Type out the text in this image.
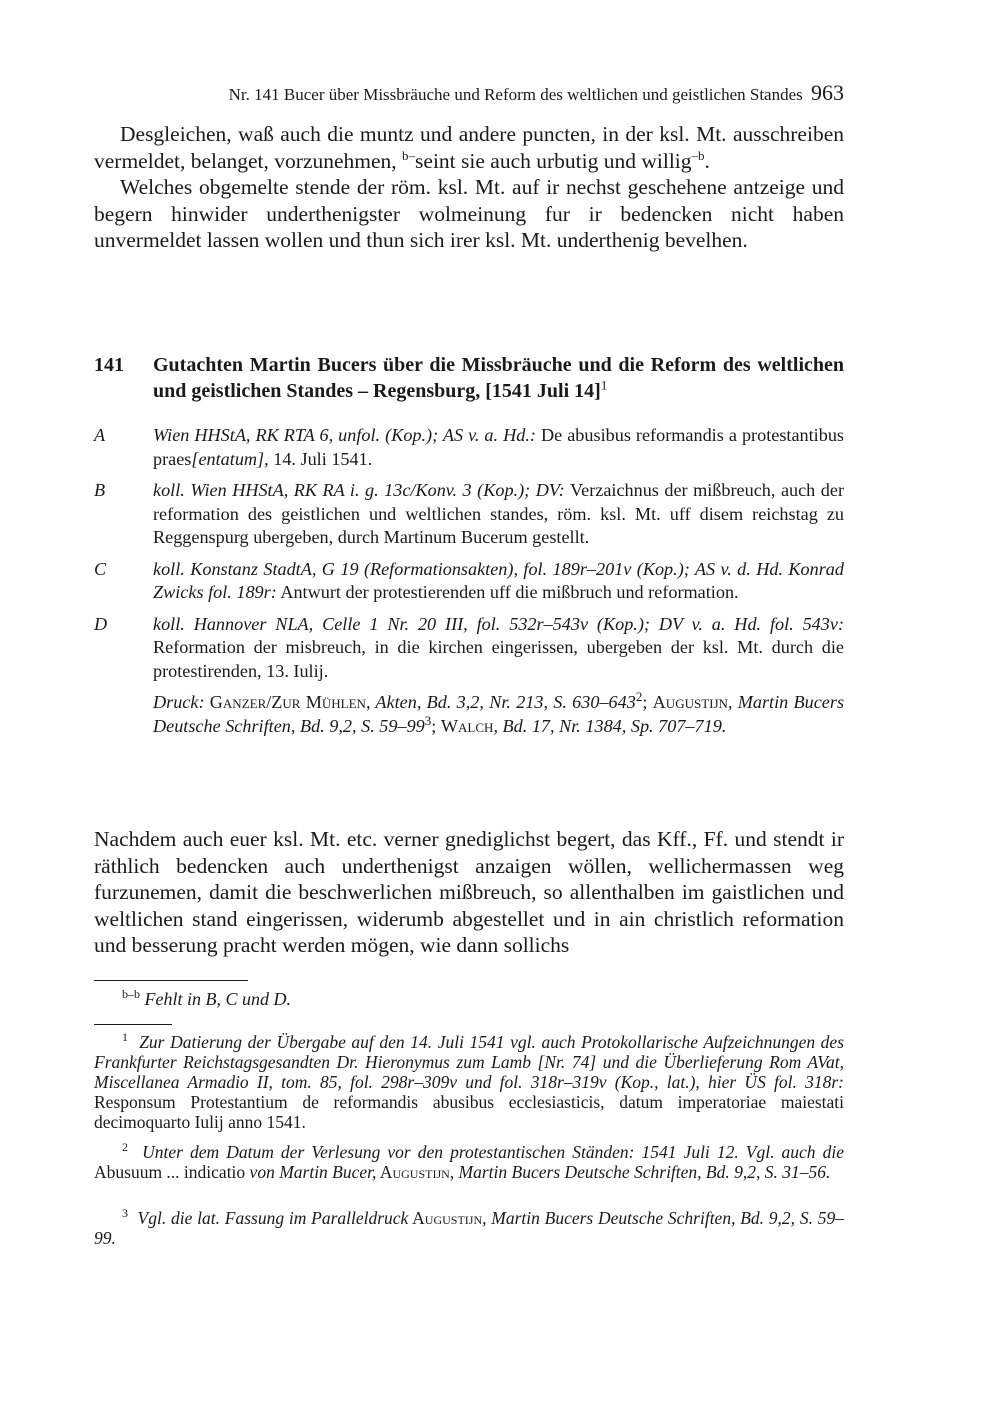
Nr. 141 Bucer über Missbräuche und Reform des weltlichen und geistlichen Standes 963

Desgleichen, waß auch die muntz und andere puncten, in der ksl. Mt. ausschreiben vermeldet, belanget, vorzunehmen, $^{b-}$seint sie auch urbutig und willig$^{-b}$.

Welches obgemelte stende der röm. ksl. Mt. auf ir nechst geschehene antzeige und begern hinwider underthenigster wolmeinung fur ir bedencken nicht haben unvermeldet lassen wollen und thun sich irer ksl. Mt. underthenig bevelhen.

141 Gutachten Martin Bucers über die Missbräuche und die Reform des weltlichen und geistlichen Standes – Regensburg, [1541 Juli 14]$^1$
A	Wien HHStA, RK RTA 6, unfol. (Kop.); AS v. a. Hd.: De abusibus reformandis a protestantibus praes[entatum], 14. Juli 1541.
B	koll. Wien HHStA, RK RA i. g. 13c/Konv. 3 (Kop.); DV: Verzaichnus der mißbreuch, auch der reformation des geistlichen und weltlichen standes, röm. ksl. Mt. uff disem reichstag zu Reggenspurg ubergeben, durch Martinum Bucerum gestellt.
C	koll. Konstanz StadtA, G 19 (Reformationsakten), fol. 189r–201v (Kop.); AS v. d. Hd. Konrad Zwicks fol. 189r: Antwurt der protestierenden uff die mißbruch und reformation.
D	koll. Hannover NLA, Celle 1 Nr. 20 III, fol. 532r–543v (Kop.); DV v. a. Hd. fol. 543v: Reformation der misbreuch, in die kirchen eingerissen, ubergeben der ksl. Mt. durch die protestirenden, 13. Iulij.
Druck: Ganzer/Zur Mühlen, Akten, Bd. 3,2, Nr. 213, S. $630-643^2$; Augustijn, Martin Bucers Deutsche Schriften, Bd. 9,2, S. $59-99^3$; Walch, Bd. 17, Nr. 1384, Sp. 707–719.
Nachdem auch euer ksl. Mt. etc. verner gnediglichst begert, das Kff., Ff. und stendt ir räthlich bedencken auch underthenigst anzaigen wöllen, wellichermassen weg furzunemen, damit die beschwerlichen mißbreuch, so allenthalben im gaistlichen und weltlichen stand eingerissen, widerumb abgestellet und in ain christlich reformation und besserung pracht werden mögen, wie dann sollichs
$^{b-b}$ Fehlt in B, C und D.
$^1$ Zur Datierung der Übergabe auf den 14. Juli 1541 vgl. auch Protokollarische Aufzeichnungen des Frankfurter Reichstagsgesandten Dr. Hieronymus zum Lamb [Nr. 74] und die Überlieferung Rom AVat, Miscellanea Armadio II, tom. 85, fol. 298r–309v und fol. 318r–319v (Kop., lat.), hier ÜS fol. 318r: Responsum Protestantium de reformandis abusibus ecclesiasticis, datum imperatoriae maiestati decimoquarto Iulij anno 1541.
$^2$ Unter dem Datum der Verlesung vor den protestantischen Ständen: 1541 Juli 12. Vgl. auch die Abusuum ... indicatio von Martin Bucer, Augustijn, Martin Bucers Deutsche Schriften, Bd. 9,2, S. 31–56.
$^3$ Vgl. die lat. Fassung im Paralleldruck Augustijn, Martin Bucers Deutsche Schriften, Bd. 9,2, S. 59–99.
